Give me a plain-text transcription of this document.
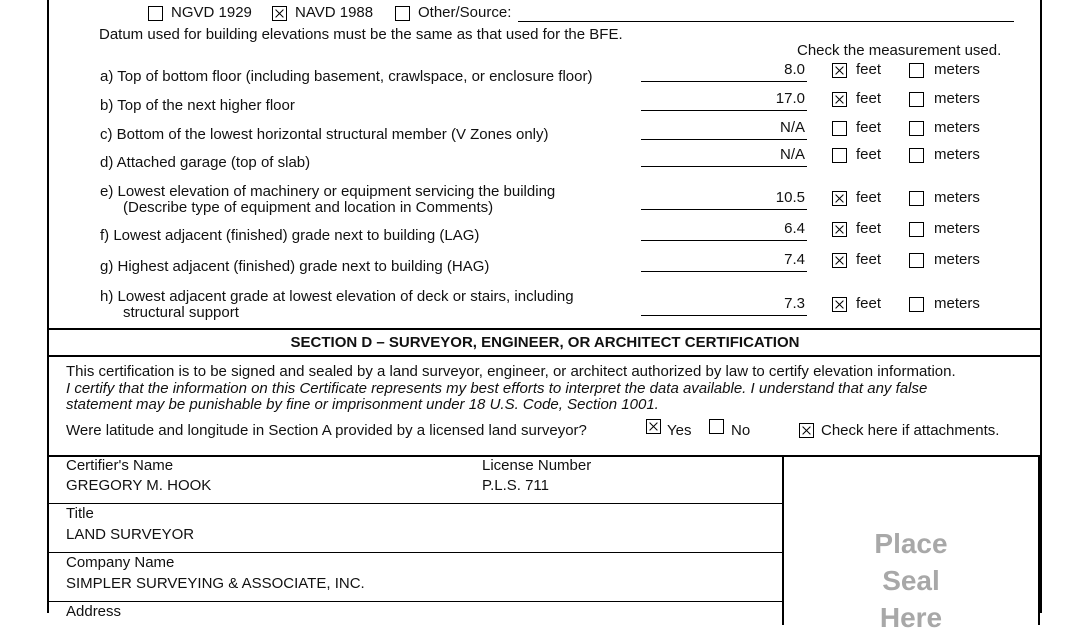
NGVD 1929	NAVD 1988	Other/Source:
Datum used for building elevations must be the same as that used for the BFE.
Check the measurement used.
a) Top of bottom floor (including basement, crawlspace, or enclosure floor)	8.0	feet	meters
b) Top of the next higher floor	17.0	feet	meters
c) Bottom of the lowest horizontal structural member (V Zones only)	N/A	feet	meters
d) Attached garage (top of slab)	N/A	feet	meters
e) Lowest elevation of machinery or equipment servicing the building
(Describe type of equipment and location in Comments)
10.5	feet	meters
f) Lowest adjacent (finished) grade next to building (LAG)	6.4	feet	meters
g) Highest adjacent (finished) grade next to building (HAG)	7.4	feet	meters
h) Lowest adjacent grade at lowest elevation of deck or stairs, including
structural support
7.3	feet	meters
SECTION D – SURVEYOR, ENGINEER, OR ARCHITECT CERTIFICATION
This certification is to be signed and sealed by a land surveyor, engineer, or architect authorized by law to certify elevation information.
I certify that the information on this Certificate represents my best efforts to interpret the data available. I understand that any false
statement may be punishable by fine or imprisonment under 18 U.S. Code, Section 1001.
Were latitude and longitude in Section A provided by a licensed land surveyor?	Yes	No	Check here if attachments.
Certifier's Name
GREGORY M. HOOK
License Number
P.L.S. 711
Title
LAND SURVEYOR
Company Name
SIMPLER SURVEYING & ASSOCIATE, INC.
Address
Place
Seal
Here
